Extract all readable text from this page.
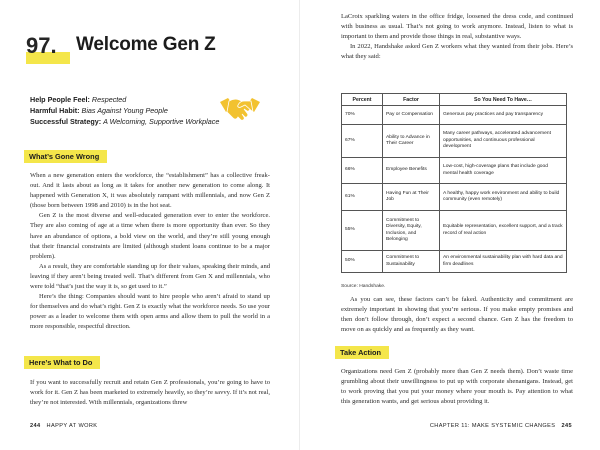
97.	Welcome Gen Z
Help People Feel: Respected
Harmful Habit: Bias Against Young People
Successful Strategy: A Welcoming, Supportive Workplace
What’s Gone Wrong

When a new generation enters the workforce, the “establishment” has a collective freak-out. And it lasts about as long as it takes for another new generation to come along. It happened with Generation X, it was absolutely rampant with millennials, and now Gen Z (those born between 1998 and 2010) is in the hot seat.

Gen Z is the most diverse and well-educated generation ever to enter the workforce. They are also coming of age at a time when there is more opportunity than ever. So they have an abundance of options, a bold view on the world, and they’re still young enough that their financial constraints are limited (although student loans continue to be a major problem).

As a result, they are comfortable standing up for their values, speaking their minds, and leaving if they aren’t being treated well. That’s different from Gen X and millennials, who were told “that’s just the way it is, so get used to it.”

Here’s the thing: Companies should want to hire people who aren’t afraid to stand up for themselves and do what’s right. Gen Z is exactly what the workforce needs. So use your power as a leader to welcome them with open arms and allow them to pull the world in a more responsible, respectful direction.

Here’s What to Do

If you want to successfully recruit and retain Gen Z professionals, you’re going to have to work for it. Gen Z has been marketed to extremely heavily, so they’re savvy. If it’s not real, they’re not interested. With millennials, organizations threw

244 HAPPY AT WORK

LaCroix sparkling waters in the office fridge, loosened the dress code, and continued with business as usual. That’s not going to work anymore. Instead, listen to what is important to them and provide those things in real, substantive ways.

In 2022, Handshake asked Gen Z workers what they wanted from their jobs. Here’s what they said:

Percent	Factor	So You Need To Have…
70%	Pay or Compensation	Generous pay practices and pay transparency
67%	Ability to Advance in Their Career	Many career pathways, accelerated advancement opportunities, and continuous professional development
66%	Employee Benefits	Low-cost, high-coverage plans that include good mental health coverage
61%	Having Fun at Their Job	A healthy, happy work environment and ability to build community (even remotely)
55%	Commitment to Diversity, Equity, Inclusion, and Belonging	Equitable representation, excellent support, and a track record of real action
50%	Commitment to Sustainability	An environmental sustainability plan with hard data and firm deadlines
Source: Handshake.

As you can see, these factors can’t be faked. Authenticity and commitment are extremely important in showing that you’re serious. If you make empty promises and then don’t follow through, don’t expect a second chance. Gen Z has the freedom to move on as quickly and as frequently as they want.

Take Action

Organizations need Gen Z (probably more than Gen Z needs them). Don’t waste time grumbling about their unwillingness to put up with corporate shenanigans. Instead, get to work proving that you put your money where your mouth is. Pay attention to what this generation wants, and get serious about providing it.

CHAPTER 11: MAKE SYSTEMIC CHANGES 245
